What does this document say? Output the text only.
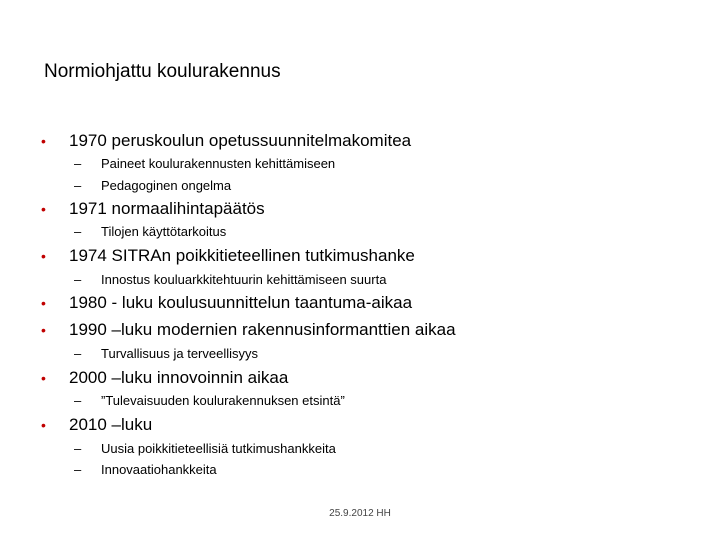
Normiohjattu koulurakennus
• 1970 peruskoulun opetussuunnitelmakomitea
– Paineet koulurakennusten kehittämiseen
– Pedagoginen ongelma
• 1971 normaalihintapäätös
– Tilojen käyttötarkoitus
• 1974 SITRAn poikkitieteellinen tutkimushanke
– Innostus kouluarkkitehtuurin kehittämiseen suurta
• 1980 - luku koulusuunnittelun taantuma-aikaa
• 1990 –luku modernien rakennusinformanttien aikaa
– Turvallisuus ja terveellisyys
• 2000 –luku innovoinnin aikaa
– ”Tulevaisuuden koulurakennuksen etsintä”
• 2010 –luku
– Uusia poikkitieteellisiä tutkimushankkeita
– Innovaatiohankkeita
25.9.2012 HH
